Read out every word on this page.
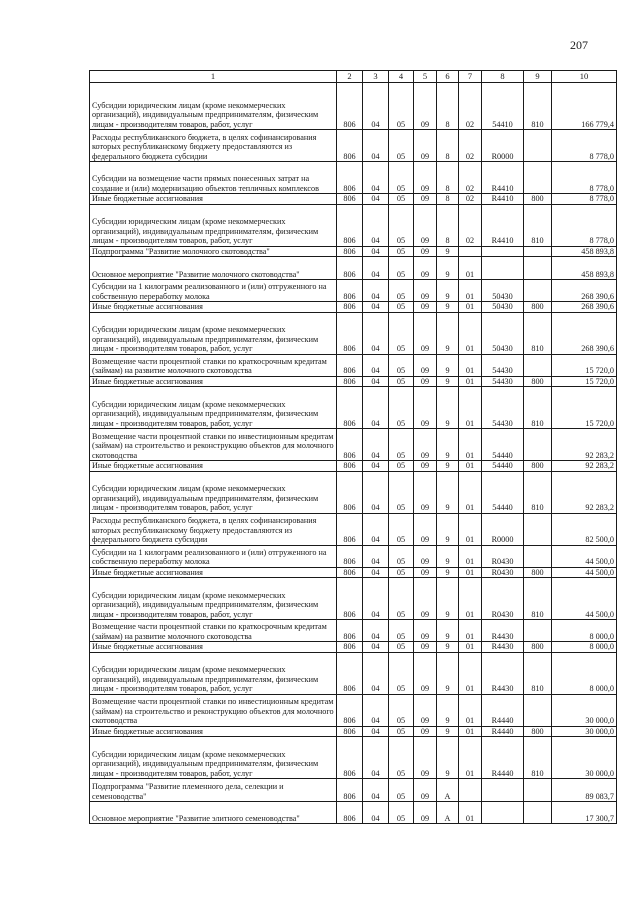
207
1	2	3	4	5	6	7	8	9	10
Субсидии юридическим лицам (кроме некоммерческих организаций), индивидуальным предпринимателям, физическим лицам - производителям товаров, работ, услуг	806	04	05	09	8	02	54410	810	166 779,4
Расходы республиканского бюджета, в целях софинансирования которых республиканскому бюджету предоставляются из федерального бюджета субсидии	806	04	05	09	8	02	R0000		8 778,0
Субсидии на возмещение части прямых понесенных затрат на создание и (или) модернизацию объектов тепличных комплексов	806	04	05	09	8	02	R4410		8 778,0
Иные бюджетные ассигнования	806	04	05	09	8	02	R4410	800	8 778,0
Субсидии юридическим лицам (кроме некоммерческих организаций), индивидуальным предпринимателям, физическим лицам - производителям товаров, работ, услуг	806	04	05	09	8	02	R4410	810	8 778,0
Подпрограмма "Развитие молочного скотоводства"	806	04	05	09	9				458 893,8
Основное мероприятие "Развитие молочного скотоводства"	806	04	05	09	9	01			458 893,8
Субсидии на 1 килограмм реализованного и (или) отгруженного на собственную переработку молока	806	04	05	09	9	01	50430		268 390,6
Иные бюджетные ассигнования	806	04	05	09	9	01	50430	800	268 390,6
Субсидии юридическим лицам (кроме некоммерческих организаций), индивидуальным предпринимателям, физическим лицам - производителям товаров, работ, услуг	806	04	05	09	9	01	50430	810	268 390,6
Возмещение части процентной ставки по краткосрочным кредитам (займам) на развитие молочного скотоводства	806	04	05	09	9	01	54430		15 720,0
Иные бюджетные ассигнования	806	04	05	09	9	01	54430	800	15 720,0
Субсидии юридическим лицам (кроме некоммерческих организаций), индивидуальным предпринимателям, физическим лицам - производителям товаров, работ, услуг	806	04	05	09	9	01	54430	810	15 720,0
Возмещение части процентной ставки по инвестиционным кредитам (займам) на строительство и реконструкцию объектов для молочного скотоводства	806	04	05	09	9	01	54440		92 283,2
Иные бюджетные ассигнования	806	04	05	09	9	01	54440	800	92 283,2
Субсидии юридическим лицам (кроме некоммерческих организаций), индивидуальным предпринимателям, физическим лицам - производителям товаров, работ, услуг	806	04	05	09	9	01	54440	810	92 283,2
Расходы республиканского бюджета, в целях софинансирования которых республиканскому бюджету предоставляются из федерального бюджета субсидии	806	04	05	09	9	01	R0000		82 500,0
Субсидии на 1 килограмм реализованного и (или) отгруженного на собственную переработку молока	806	04	05	09	9	01	R0430		44 500,0
Иные бюджетные ассигнования	806	04	05	09	9	01	R0430	800	44 500,0
Субсидии юридическим лицам (кроме некоммерческих организаций), индивидуальным предпринимателям, физическим лицам - производителям товаров, работ, услуг	806	04	05	09	9	01	R0430	810	44 500,0
Возмещение части процентной ставки по краткосрочным кредитам (займам) на развитие молочного скотоводства	806	04	05	09	9	01	R4430		8 000,0
Иные бюджетные ассигнования	806	04	05	09	9	01	R4430	800	8 000,0
Субсидии юридическим лицам (кроме некоммерческих организаций), индивидуальным предпринимателям, физическим лицам - производителям товаров, работ, услуг	806	04	05	09	9	01	R4430	810	8 000,0
Возмещение части процентной ставки по инвестиционным кредитам (займам) на строительство и реконструкцию объектов для молочного скотоводства	806	04	05	09	9	01	R4440		30 000,0
Иные бюджетные ассигнования	806	04	05	09	9	01	R4440	800	30 000,0
Субсидии юридическим лицам (кроме некоммерческих организаций), индивидуальным предпринимателям, физическим лицам - производителям товаров, работ, услуг	806	04	05	09	9	01	R4440	810	30 000,0
Подпрограмма "Развитие племенного дела, селекции и семеноводства"	806	04	05	09	А				89 083,7
Основное мероприятие "Развитие элитного семеноводства"	806	04	05	09	А	01			17 300,7
